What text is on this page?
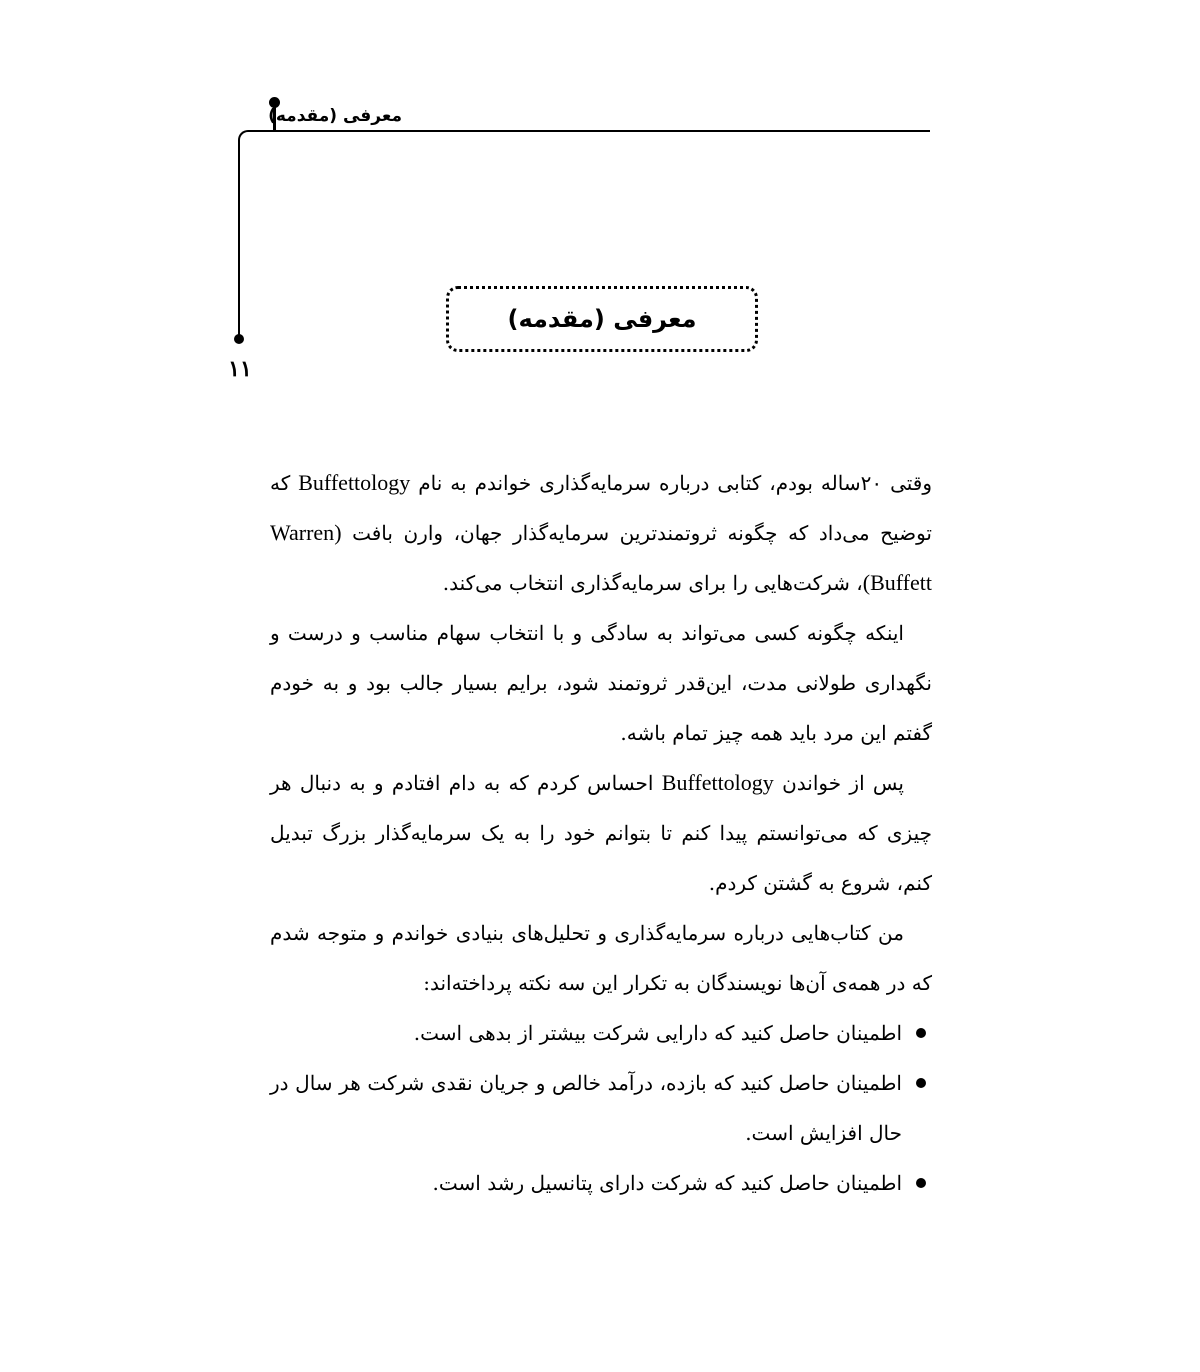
معرفی (مقدمه)
۱۱
معرفی (مقدمه)

وقتی ۲۰ساله بودم، کتابی درباره سرمایه‌گذاری خواندم به نام Buffettology که توضیح می‌داد که چگونه ثروتمندترین سرمایه‌گذار جهان، وارن بافت (Warren Buffett)، شرکت‌هایی را برای سرمایه‌گذاری انتخاب می‌کند.

اینکه چگونه کسی می‌تواند به سادگی و با انتخاب سهام مناسب و درست و نگهداری طولانی مدت، این‌قدر ثروتمند شود، برایم بسیار جالب بود و به خودم گفتم این مرد باید همه چیز تمام باشه.

پس از خواندن Buffettology احساس کردم که به دام افتادم و به دنبال هر چیزی که می‌توانستم پیدا کنم تا بتوانم خود را به یک سرمایه‌گذار بزرگ تبدیل کنم، شروع به گشتن کردم.

من کتاب‌هایی درباره سرمایه‌گذاری و تحلیل‌های بنیادی خواندم و متوجه شدم که در همه‌ی آن‌ها نویسندگان به تکرار این سه نکته پرداخته‌اند:

اطمینان حاصل کنید که دارایی شرکت بیشتر از بدهی است.
اطمینان حاصل کنید که بازده، درآمد خالص و جریان نقدی شرکت هر سال در حال افزایش است.
اطمینان حاصل کنید که شرکت دارای پتانسیل رشد است.
